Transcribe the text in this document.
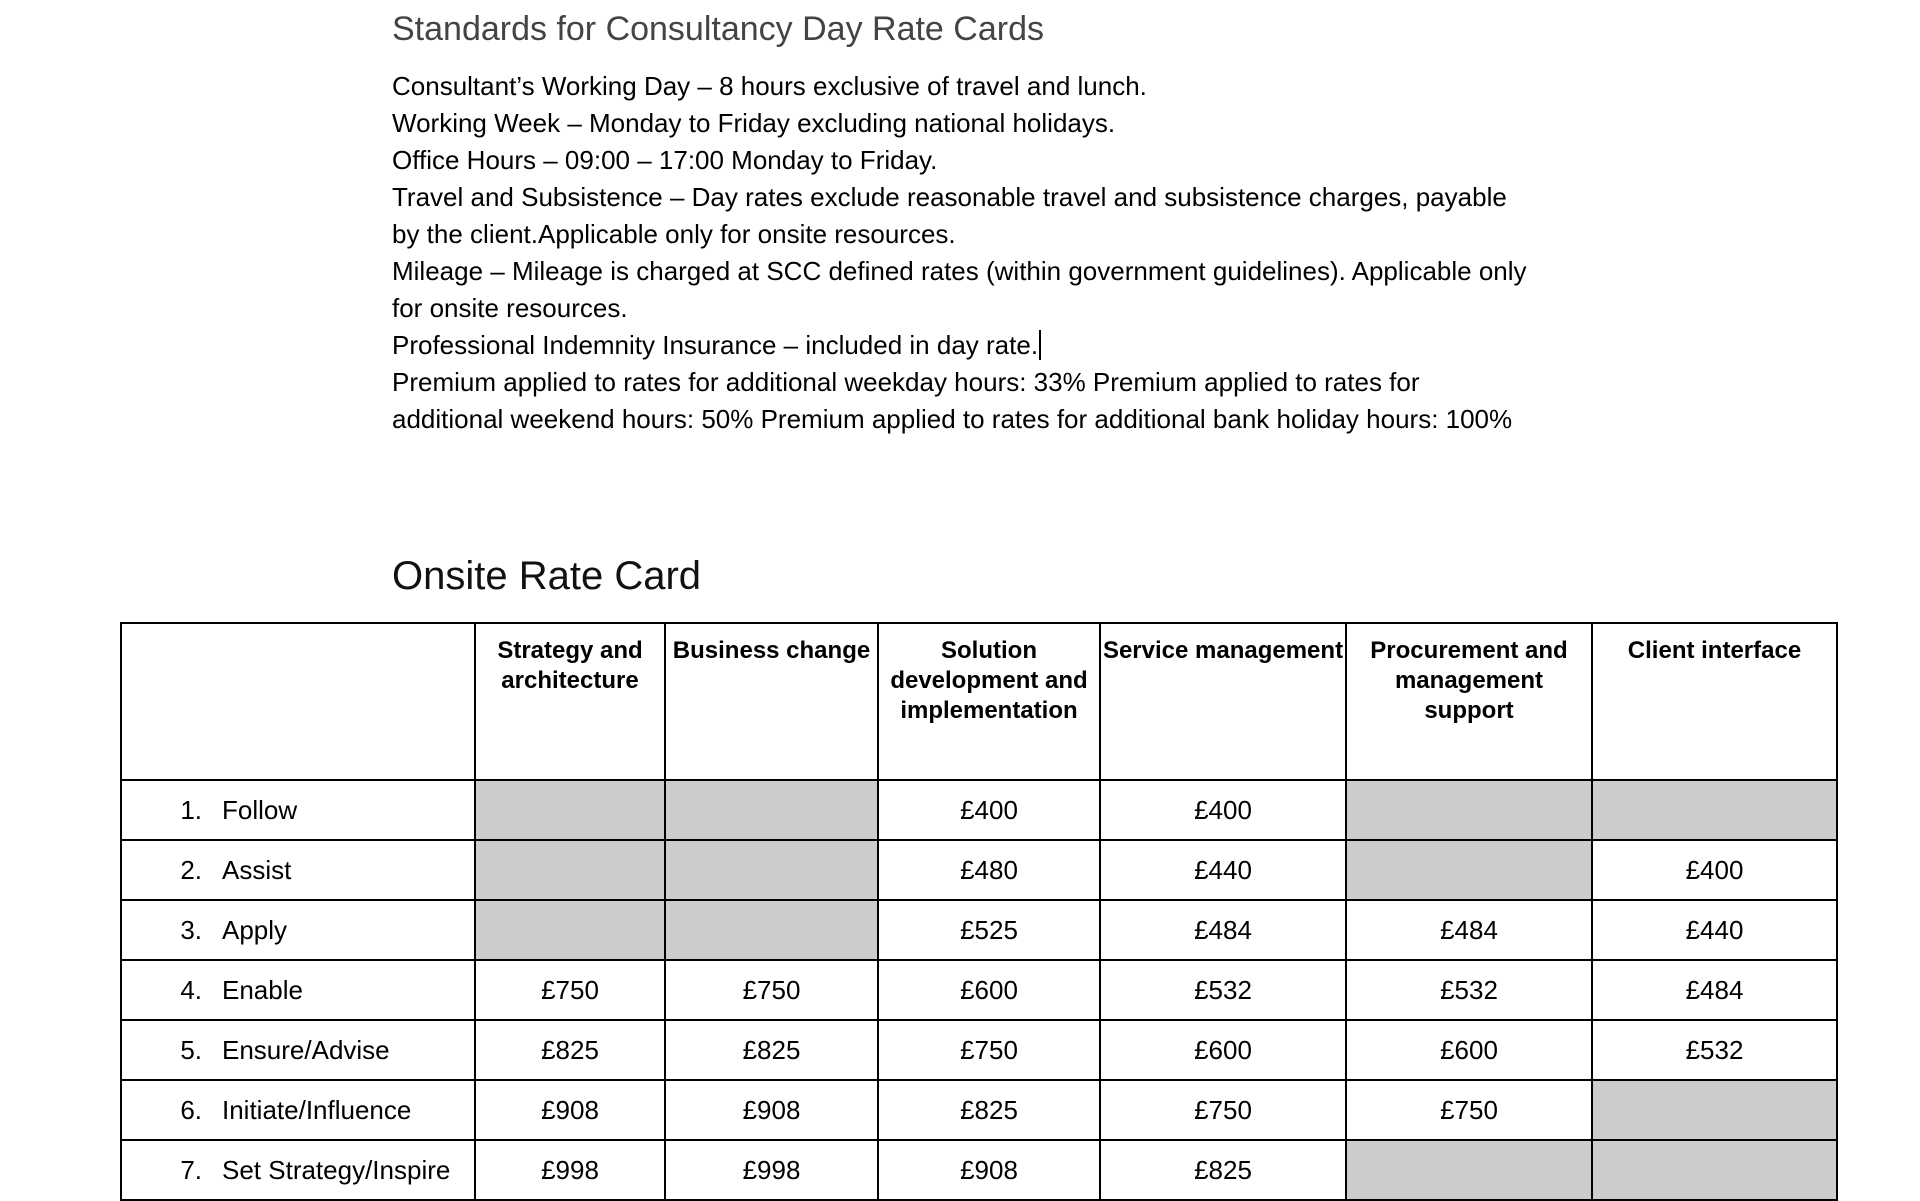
Standards for Consultancy Day Rate Cards

Consultant’s Working Day – 8 hours exclusive of travel and lunch.

Working Week – Monday to Friday excluding national holidays.

Office Hours – 09:00 – 17:00 Monday to Friday.

Travel and Subsistence – Day rates exclude reasonable travel and subsistence charges, payable by the client.Applicable only for onsite resources.

Mileage – Mileage is charged at SCC defined rates (within government guidelines). Applicable only for onsite resources.

Professional Indemnity Insurance – included in day rate.

Premium applied to rates for additional weekday hours: 33% Premium applied to rates for additional weekend hours: 50% Premium applied to rates for additional bank holiday hours: 100%

Onsite Rate Card
	Strategy and architecture	Business change	Solution development and implementation	Service management	Procurement and management support	Client interface
1. Follow			£400	£400		
2. Assist			£480	£440		£400
3. Apply			£525	£484	£484	£440
4. Enable	£750	£750	£600	£532	£532	£484
5. Ensure/Advise	£825	£825	£750	£600	£600	£532
6. Initiate/Influence	£908	£908	£825	£750	£750	
7. Set Strategy/Inspire	£998	£998	£908	£825		
